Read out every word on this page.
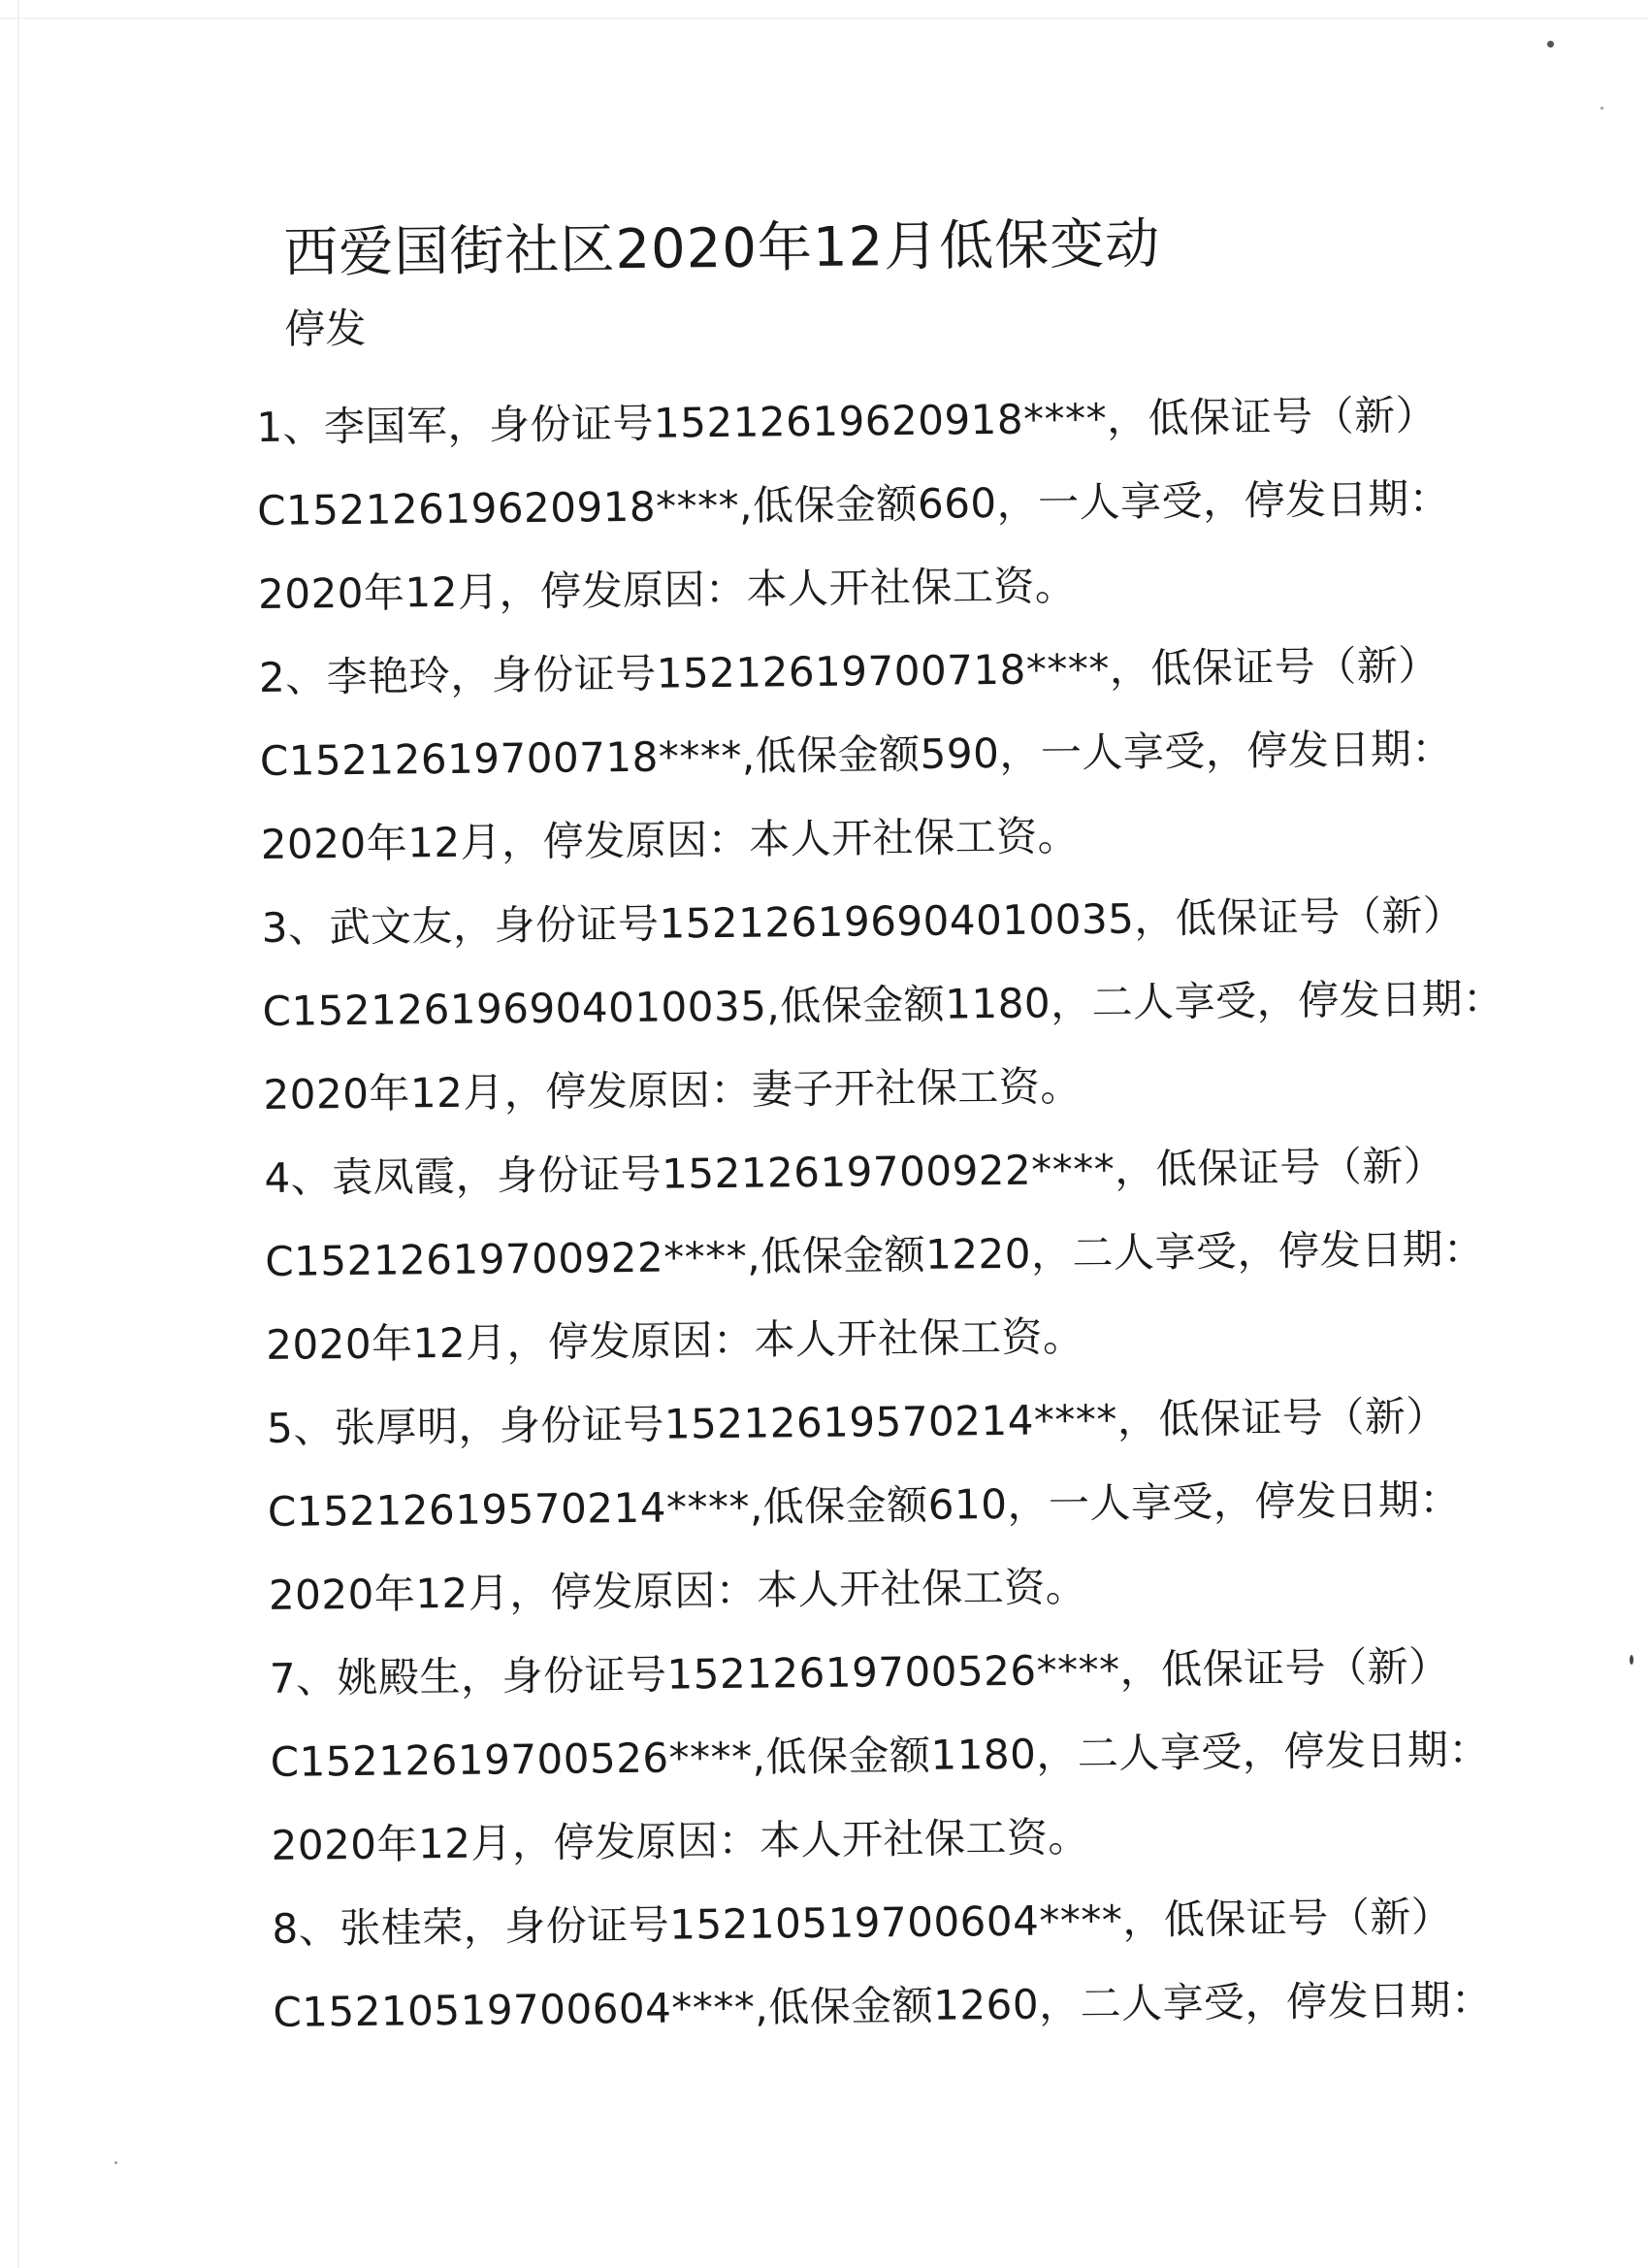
西爱国街社区2020年12月低保变动
停发
1、李国军，身份证号15212619620918****，低保证号（新）
C15212619620918****,低保金额660，一人享受，停发日期：
2020年12月，停发原因：本人开社保工资。
2、李艳玲，身份证号15212619700718****，低保证号（新）
C15212619700718****,低保金额590，一人享受，停发日期：
2020年12月，停发原因：本人开社保工资。
3、武文友，身份证号152126196904010035，低保证号（新）
C152126196904010035,低保金额1180，二人享受，停发日期：
2020年12月，停发原因：妻子开社保工资。
4、袁凤霞，身份证号15212619700922****，低保证号（新）
C15212619700922****,低保金额1220，二人享受，停发日期：
2020年12月，停发原因：本人开社保工资。
5、张厚明，身份证号15212619570214****，低保证号（新）
C15212619570214****,低保金额610，一人享受，停发日期：
2020年12月，停发原因：本人开社保工资。
7、姚殿生，身份证号15212619700526****，低保证号（新）
C15212619700526****,低保金额1180，二人享受，停发日期：
2020年12月，停发原因：本人开社保工资。
8、张桂荣，身份证号15210519700604****，低保证号（新）
C15210519700604****,低保金额1260，二人享受，停发日期：
